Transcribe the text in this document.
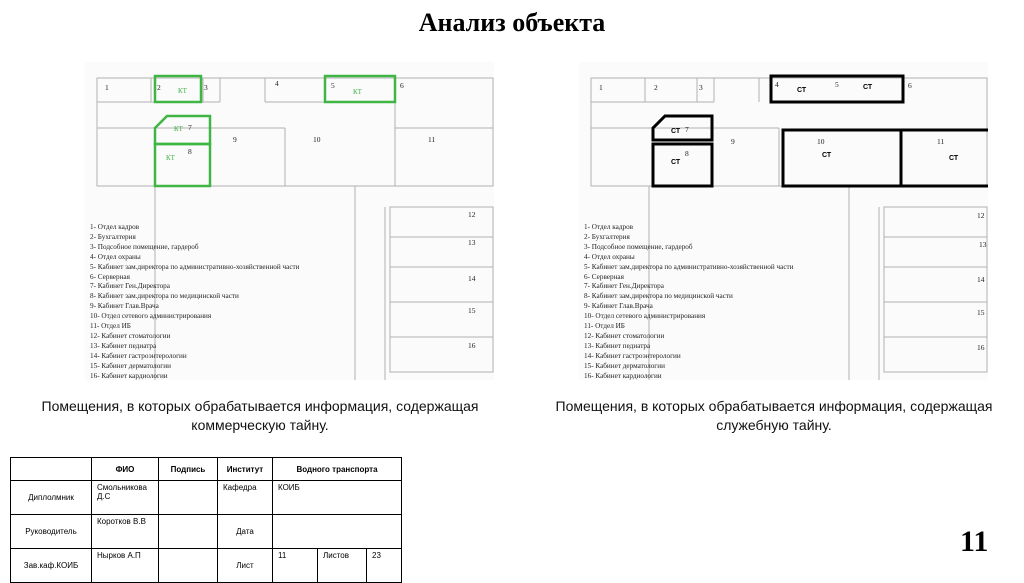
Анализ объекта
1	2	3	4	5	6
7
8
9	10	11
12
13
14
15
16
КТ	КТ
КТ
КТ
1- Отдел кадров
2- Бухгалтерия
3- Подсобное помещение, гардероб
4- Отдел охраны
5- Кабинет зам.директора по административно-хозяйственной части
6- Серверная
7- Кабинет Ген.Директора
8- Кабинет зам.директора по медицинской части
9- Кабинет Глав.Врача
10- Отдел сетевого администрирования
11- Отдел ИБ
12- Кабинет стоматологии
13- Кабинет педиатра
14- Кабинет гастроэнтерологии
15- Кабинет дерматологии
16- Кабинет кардиологии
1	2	3	4	5	6
7
8
9	10	11
12
13
14
15
16
СТ	СТ
СТ
СТ
СТ	СТ
1- Отдел кадров
2- Бухгалтерия
3- Подсобное помещение, гардероб
4- Отдел охраны
5- Кабинет зам.директора по административно-хозяйственной части
6- Серверная
7- Кабинет Ген.Директора
8- Кабинет зам.директора по медицинской части
9- Кабинет Глав.Врача
10- Отдел сетевого администрирования
11- Отдел ИБ
12- Кабинет стоматологии
13- Кабинет педиатра
14- Кабинет гастроэнтерологии
15- Кабинет дерматологии
16- Кабинет кардиологии
Помещения, в которых обрабатывается информация, содержащая коммерческую тайну.
Помещения, в которых обрабатывается информация, содержащая служебную тайну.
	ФИО	Подпись	Институт	Водного транспорта		
Диплолмник	Смольникова Д.С		Кафедра	КОИБ		
Руководитель	Коротков В.В		Дата			
Зав.каф.КОИБ	Нырков А.П		Лист	11	Листов	23	11
